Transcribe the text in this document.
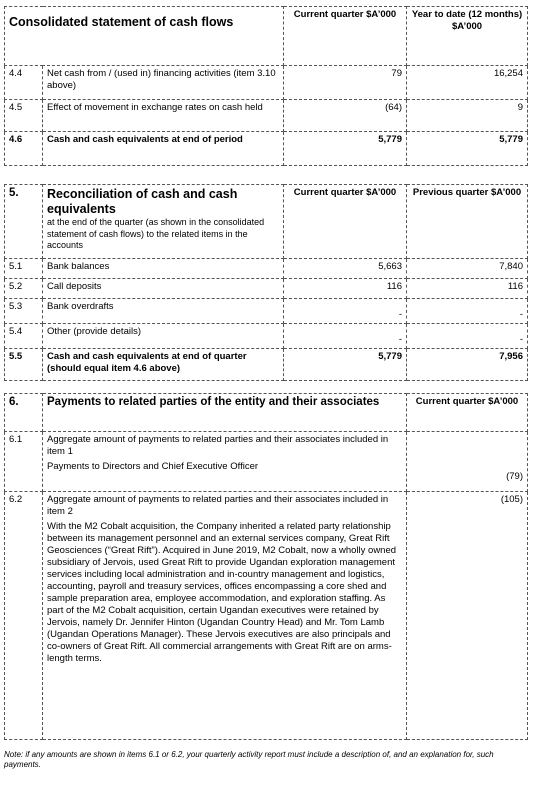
Consolidated statement of cash flows		Current quarter $A’000	Year to date (12 months) $A’000
4.4	Net cash from / (used in) financing activities (item 3.10 above)	79	16,254
4.5	Effect of movement in exchange rates on cash held	(64)	9
4.6	Cash and cash equivalents at end of period	5,779	5,779
5.	Reconciliation of cash and cash equivalents
at the end of the quarter (as shown in the consolidated statement of cash flows) to the related items in the accounts	Current quarter $A’000	Previous quarter $A’000
5.1	Bank balances	5,663	7,840
5.2	Call deposits	116	116
5.3	Bank overdrafts	-	-
5.4	Other (provide details)	-	-
5.5	Cash and cash equivalents at end of quarter (should equal item 4.6 above)	5,779	7,956
6.	Payments to related parties of the entity and their associates	Current quarter $A’000
6.1	Aggregate amount of payments to related parties and their associates included in item 1
Payments to Directors and Chief Executive Officer	(79)
6.2	Aggregate amount of payments to related parties and their associates included in item 2
With the M2 Cobalt acquisition, the Company inherited a related party relationship between its management personnel and an external services company, Great Rift Geosciences (“Great Rift”). Acquired in June 2019, M2 Cobalt, now a wholly owned subsidiary of Jervois, used Great Rift to provide Ugandan exploration management services including local administration and in-country management and logistics, accounting, payroll and treasury services, offices encompassing a core shed and sample preparation area, employee accommodation, and exploration staffing. As part of the M2 Cobalt acquisition, certain Ugandan executives were retained by Jervois, namely Dr. Jennifer Hinton (Ugandan Country Head) and Mr. Tom Lamb (Ugandan Operations Manager). These Jervois executives are also principals and co-owners of Great Rift. All commercial arrangements with Great Rift are on arms- length terms.	(105)
Note: if any amounts are shown in items 6.1 or 6.2, your quarterly activity report must include a description of, and an explanation for, such payments.
